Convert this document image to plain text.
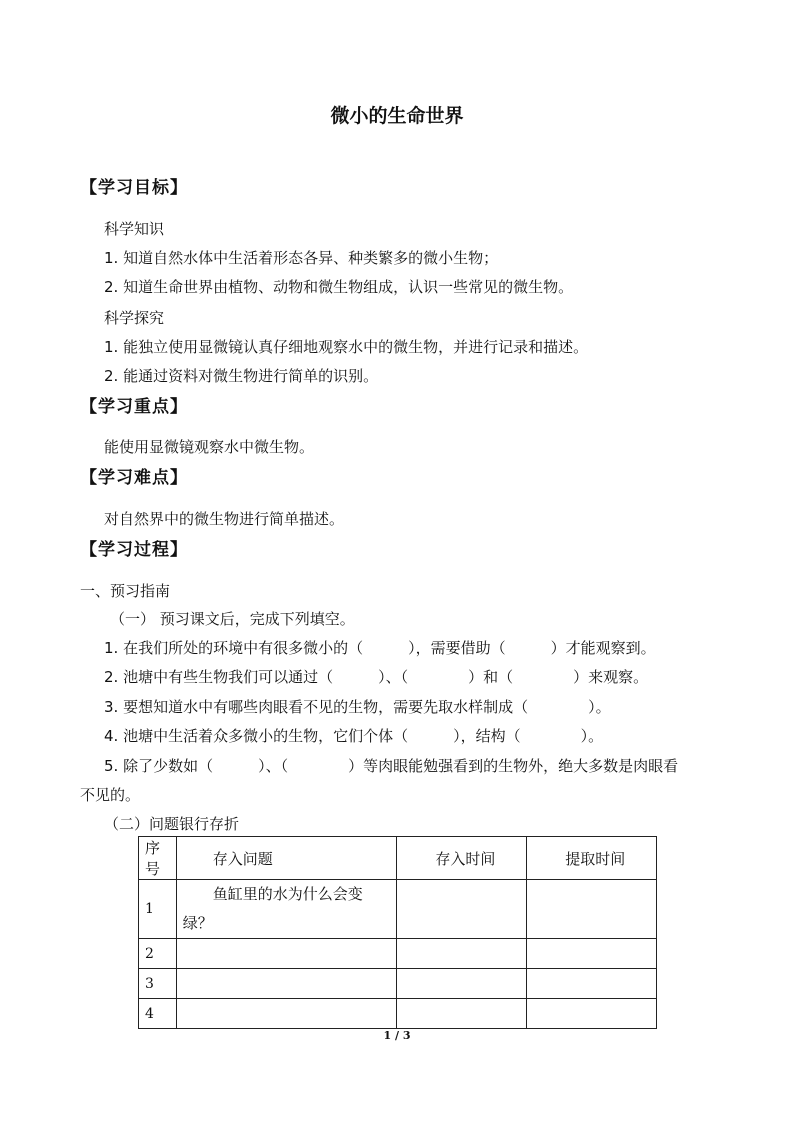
微小的生命世界
【学习目标】
科学知识
1. 知道自然水体中生活着形态各异、种类繁多的微小生物；
2. 知道生命世界由植物、动物和微生物组成，认识一些常见的微生物。
科学探究
1. 能独立使用显微镜认真仔细地观察水中的微生物，并进行记录和描述。
2. 能通过资料对微生物进行简单的识别。
【学习重点】
能使用显微镜观察水中微生物。
【学习难点】
对自然界中的微生物进行简单描述。
【学习过程】
一、预习指南
（一） 预习课文后，完成下列填空。
1. 在我们所处的环境中有很多微小的（　　　），需要借助（　　　）才能观察到。
2. 池塘中有些生物我们可以通过（　　　）、（　　　　）和（　　　　）来观察。
3. 要想知道水中有哪些肉眼看不见的生物，需要先取水样制成（　　　　）。
4. 池塘中生活着众多微小的生物，它们个体（　　　），结构（　　　　）。
5. 除了少数如（　　　）、（　　　　）等肉眼能勉强看到的生物外，绝大多数是肉眼看
不见的。
（二）问题银行存折
序号	存入问题	存入时间	提取时间
1	鱼缸里的水为什么会变
绿？		

2			
3			
4			
1 / 3
